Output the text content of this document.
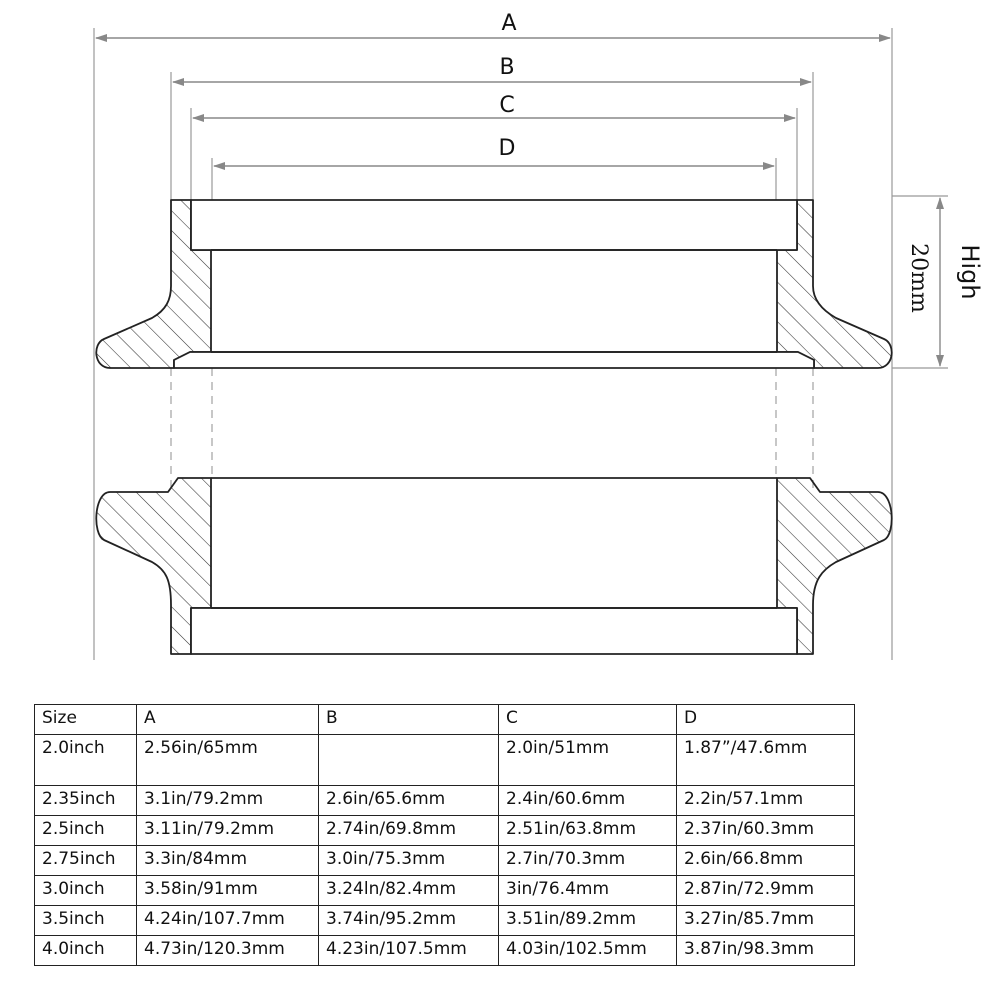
A
B
C
D
High
20mm
Size	A	B	C	D
2.0inch	2.56in/65mm		2.0in/51mm	1.87”/47.6mm
2.35inch	3.1in/79.2mm	2.6in/65.6mm	2.4in/60.6mm	2.2in/57.1mm
2.5inch	3.11in/79.2mm	2.74in/69.8mm	2.51in/63.8mm	2.37in/60.3mm
2.75inch	3.3in/84mm	3.0in/75.3mm	2.7in/70.3mm	2.6in/66.8mm
3.0inch	3.58in/91mm	3.24ln/82.4mm	3in/76.4mm	2.87in/72.9mm
3.5inch	4.24in/107.7mm	3.74in/95.2mm	3.51in/89.2mm	3.27in/85.7mm
4.0inch	4.73in/120.3mm	4.23in/107.5mm	4.03in/102.5mm	3.87in/98.3mm
